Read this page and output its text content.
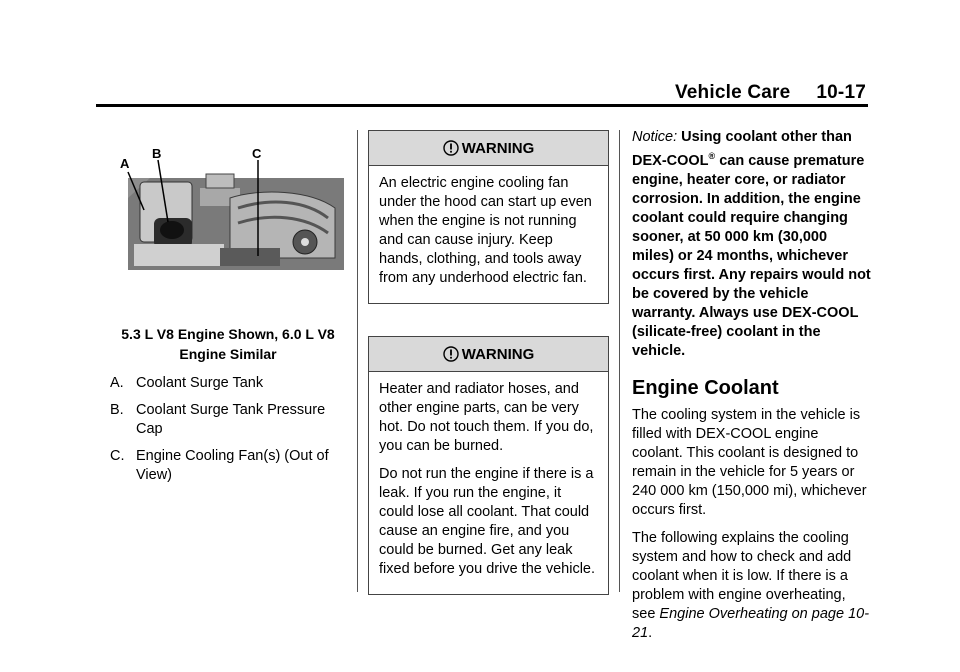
Vehicle Care 10-17
A
B	C
5.3 L V8 Engine Shown, 6.0 L V8 Engine Similar
A. Coolant Surge Tank
B. Coolant Surge Tank Pressure Cap
C. Engine Cooling Fan(s) (Out of View)
WARNING

An electric engine cooling fan under the hood can start up even when the engine is not running and can cause injury. Keep hands, clothing, and tools away from any underhood electric fan.

WARNING

Heater and radiator hoses, and other engine parts, can be very hot. Do not touch them. If you do, you can be burned.

Do not run the engine if there is a leak. If you run the engine, it could lose all coolant. That could cause an engine fire, and you could be burned. Get any leak fixed before you drive the vehicle.

Notice: Using coolant other than DEX-COOL® can cause premature engine, heater core, or radiator corrosion. In addition, the engine coolant could require changing sooner, at 50 000 km (30,000 miles) or 24 months, whichever occurs first. Any repairs would not be covered by the vehicle warranty. Always use DEX-COOL (silicate-free) coolant in the vehicle.
Engine Coolant

The cooling system in the vehicle is filled with DEX-COOL engine coolant. This coolant is designed to remain in the vehicle for 5 years or 240 000 km (150,000 mi), whichever occurs first.

The following explains the cooling system and how to check and add coolant when it is low. If there is a problem with engine overheating, see Engine Overheating on page 10-21.
